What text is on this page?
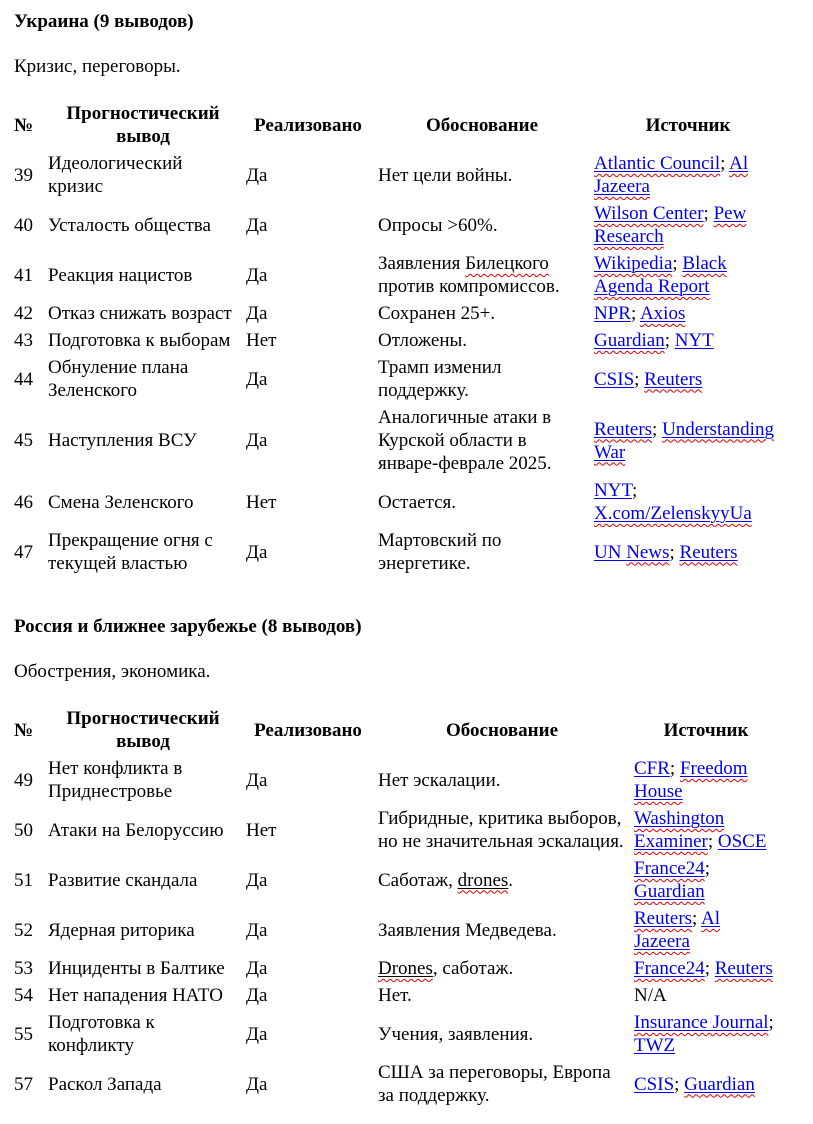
Украина (9 выводов)

Кризис, переговоры.

№	Прогностический вывод	Реализовано	Обоснование	Источник
39	Идеологический кризис	Да	Нет цели войны.	Atlantic Council; Al Jazeera
40	Усталость общества	Да	Опросы >60%.	Wilson Center; Pew Research
41	Реакция нацистов	Да	Заявления Билецкого против компромиссов.	Wikipedia; Black Agenda Report
42	Отказ снижать возраст	Да	Сохранен 25+.	NPR; Axios
43	Подготовка к выборам	Нет	Отложены.	Guardian; NYT
44	Обнуление плана Зеленского	Да	Трамп изменил поддержку.	CSIS; Reuters
45	Наступления ВСУ	Да	Аналогичные атаки в Курской области в январе-феврале 2025.	Reuters; Understanding War
46	Смена Зеленского	Нет	Остается.	NYT; X.com/ZelenskyyUa
47	Прекращение огня с текущей властью	Да	Мартовский по энергетике.	UN News; Reuters
Россия и ближнее зарубежье (8 выводов)

Обострения, экономика.

№	Прогностический вывод	Реализовано	Обоснование	Источник
49	Нет конфликта в Приднестровье	Да	Нет эскалации.	CFR; Freedom House
50	Атаки на Белоруссию	Нет	Гибридные, критика выборов, но не значительная эскалация.	Washington Examiner; OSCE
51	Развитие скандала	Да	Саботаж, drones.	France24; Guardian
52	Ядерная риторика	Да	Заявления Медведева.	Reuters; Al Jazeera
53	Инциденты в Балтике	Да	Drones, саботаж.	France24; Reuters
54	Нет нападения НАТО	Да	Нет.	N/A
55	Подготовка к конфликту	Да	Учения, заявления.	Insurance Journal; TWZ
57	Раскол Запада	Да	США за переговоры, Европа за поддержку.	CSIS; Guardian
